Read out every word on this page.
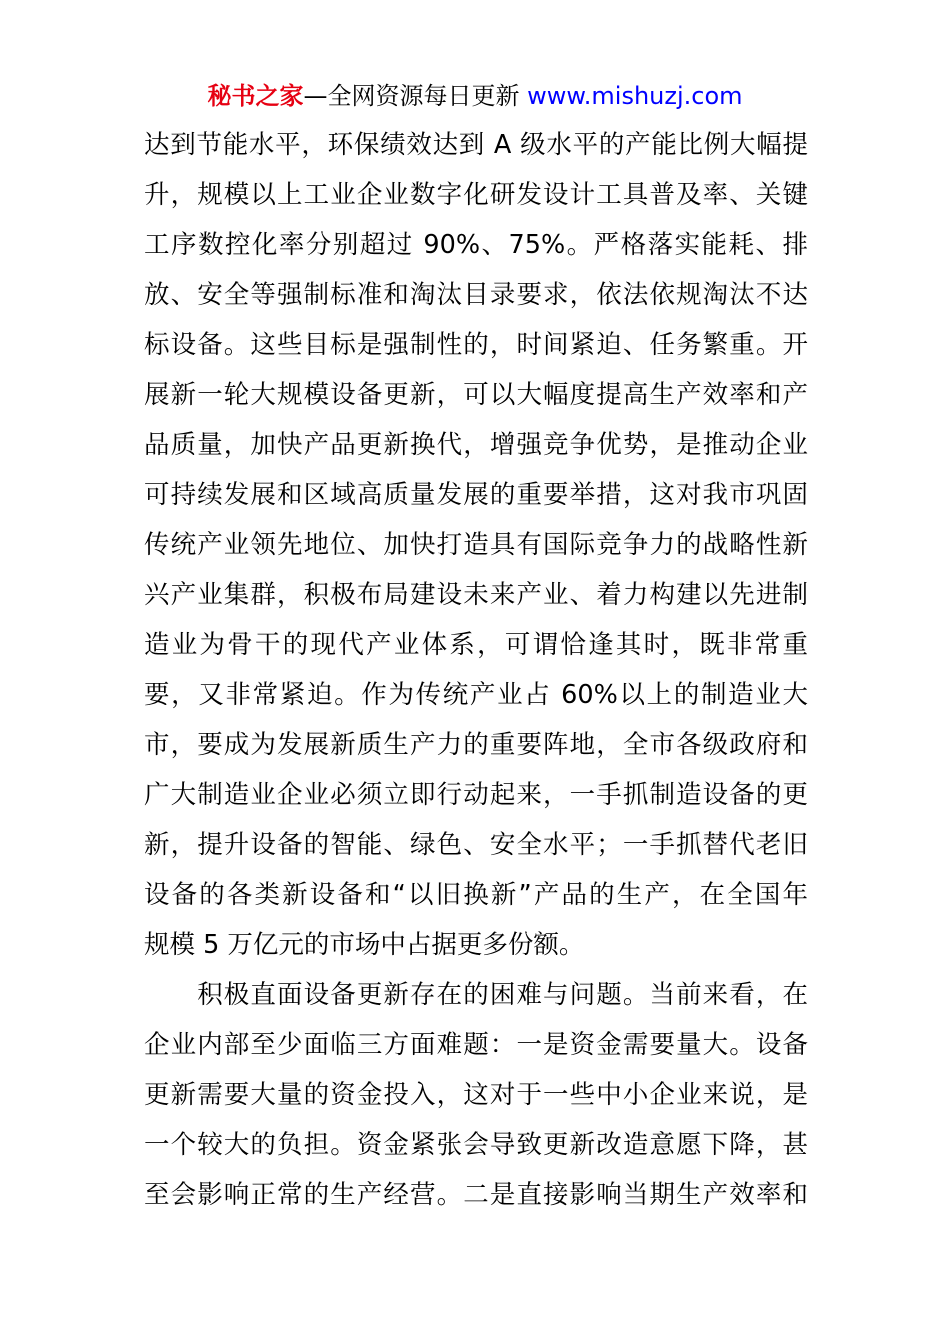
秘书之家—全网资源每日更新 www.mishuzj.com
达到节能水平，环保绩效达到 A 级水平的产能比例大幅提
升，规模以上工业企业数字化研发设计工具普及率、关键
工序数控化率分别超过 90%、75%。严格落实能耗、排
放、安全等强制标准和淘汰目录要求，依法依规淘汰不达
标设备。这些目标是强制性的，时间紧迫、任务繁重。开
展新一轮大规模设备更新，可以大幅度提高生产效率和产
品质量，加快产品更新换代，增强竞争优势，是推动企业
可持续发展和区域高质量发展的重要举措，这对我市巩固
传统产业领先地位、加快打造具有国际竞争力的战略性新
兴产业集群，积极布局建设未来产业、着力构建以先进制
造业为骨干的现代产业体系，可谓恰逢其时，既非常重
要，又非常紧迫。作为传统产业占 60%以上的制造业大
市，要成为发展新质生产力的重要阵地，全市各级政府和
广大制造业企业必须立即行动起来，一手抓制造设备的更
新，提升设备的智能、绿色、安全水平；一手抓替代老旧
设备的各类新设备和“以旧换新”产品的生产，在全国年
规模 5 万亿元的市场中占据更多份额。
　　积极直面设备更新存在的困难与问题。当前来看，在
企业内部至少面临三方面难题：一是资金需要量大。设备
更新需要大量的资金投入，这对于一些中小企业来说，是
一个较大的负担。资金紧张会导致更新改造意愿下降，甚
至会影响正常的生产经营。二是直接影响当期生产效率和
